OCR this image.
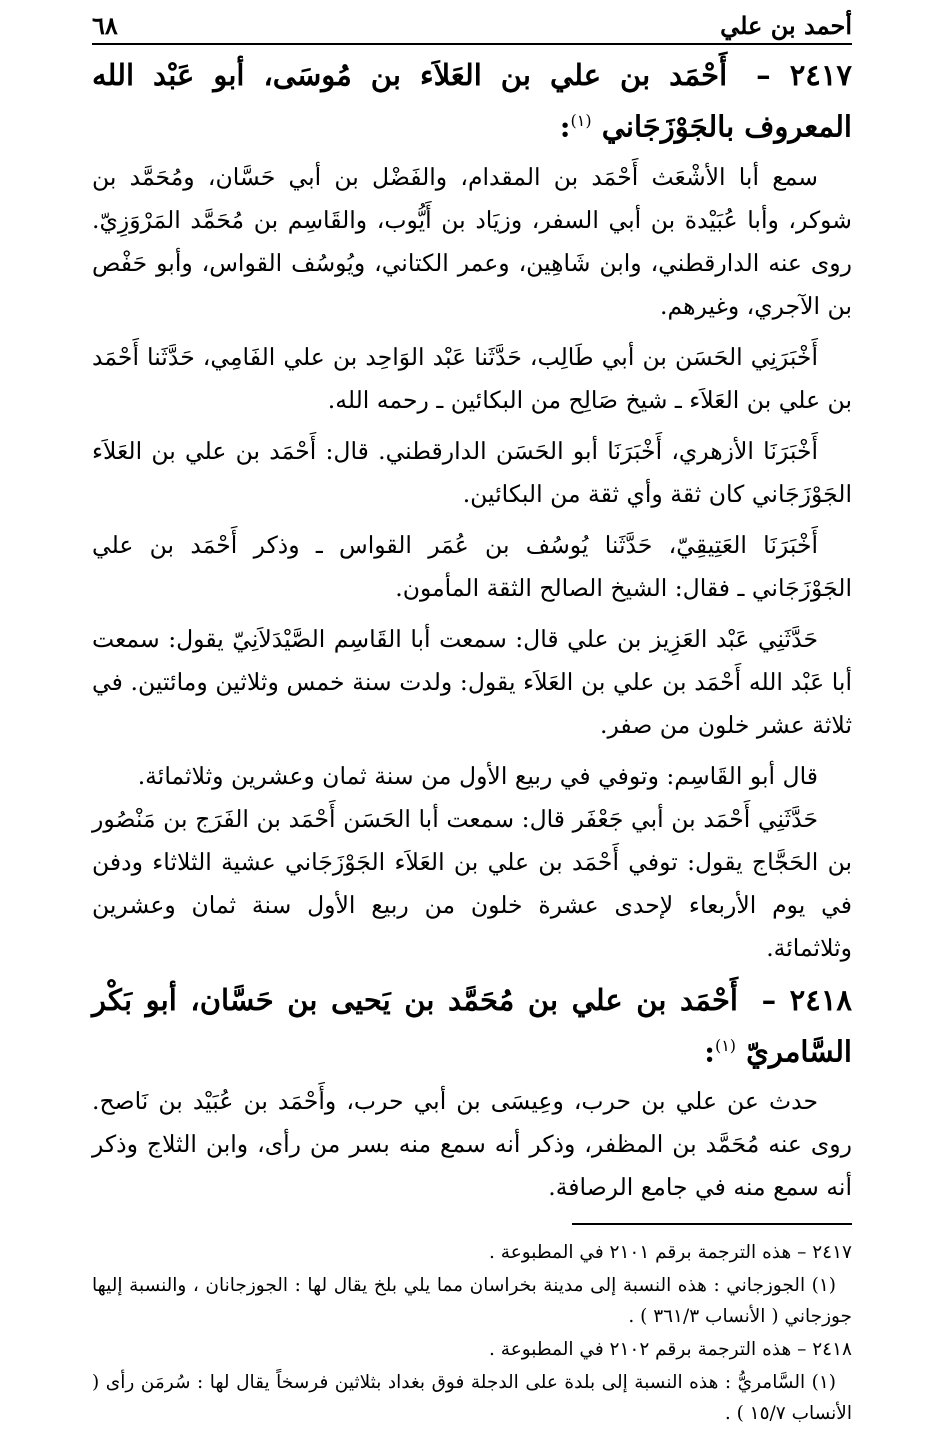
أحمد بن علي
٦٨
٢٤١٧ – أَحْمَد بن علي بن العَلاَء بن مُوسَى، أبو عَبْد الله المعروف بالجَوْزَجَاني $^{(١)}$:

سمع أبا الأشْعَث أَحْمَد بن المقدام، والفَضْل بن أبي حَسَّان، ومُحَمَّد بن شوكر، وأبا عُبَيْدة بن أبي السفر، وزيَاد بن أَيُّوب، والقَاسِم بن مُحَمَّد المَرْوَزِيّ. روى عنه الدارقطني، وابن شَاهِين، وعمر الكتاني، ويُوسُف القواس، وأبو حَفْص بن الآجري، وغيرهم.

أَخْبَرَنِي الحَسَن بن أبي طَالِب، حَدَّثَنا عَبْد الوَاحِد بن علي الفَامِي، حَدَّثَنا أَحْمَد بن علي بن العَلاَء ـ شيخ صَالِح من البكائين ـ رحمه الله.

أَخْبَرَنَا الأزهري، أَخْبَرَنَا أبو الحَسَن الدارقطني. قال: أَحْمَد بن علي بن العَلاَء الجَوْزَجَاني كان ثقة وأي ثقة من البكائين.

أَخْبَرَنَا العَتِيقِيّ، حَدَّثَنا يُوسُف بن عُمَر القواس ـ وذكر أَحْمَد بن علي الجَوْزَجَاني ـ فقال: الشيخ الصالح الثقة المأمون.

حَدَّثَنِي عَبْد العَزِيز بن علي قال: سمعت أبا القَاسِم الصَّيْدَلاَنِيّ يقول: سمعت أبا عَبْد الله أَحْمَد بن علي بن العَلاَء يقول: ولدت سنة خمس وثلاثين ومائتين. في ثلاثة عشر خلون من صفر.

قال أبو القَاسِم: وتوفي في ربيع الأول من سنة ثمان وعشرين وثلاثمائة.

حَدَّثَنِي أَحْمَد بن أبي جَعْفَر قال: سمعت أبا الحَسَن أَحْمَد بن الفَرَج بن مَنْصُور بن الحَجَّاج يقول: توفي أَحْمَد بن علي بن العَلاَء الجَوْزَجَاني عشية الثلاثاء ودفن في يوم الأربعاء لإحدى عشرة خلون من ربيع الأول سنة ثمان وعشرين وثلاثمائة.

٢٤١٨ – أَحْمَد بن علي بن مُحَمَّد بن يَحيى بن حَسَّان، أبو بَكْر السَّامريّ $^{(١)}$:

حدث عن علي بن حرب، وعِيسَى بن أبي حرب، وأَحْمَد بن عُبَيْد بن نَاصح. روى عنه مُحَمَّد بن المظفر، وذكر أنه سمع منه بسر من رأى، وابن الثلاج وذكر أنه سمع منه في جامع الرصافة.

٢٤١٧ – هذه الترجمة برقم ٢١٠١ في المطبوعة .

(١) الجوزجاني : هذه النسبة إلى مدينة بخراسان مما يلي بلخ يقال لها : الجوزجانان ، والنسبة إليها جوزجاني ( الأنساب ٣٦١/٣ ) .

٢٤١٨ – هذه الترجمة برقم ٢١٠٢ في المطبوعة .

(١) السَّامريُّ : هذه النسبة إلى بلدة على الدجلة فوق بغداد بثلاثين فرسخاً يقال لها : سُرمَن رأى ( الأنساب ١٥/٧ ) .
